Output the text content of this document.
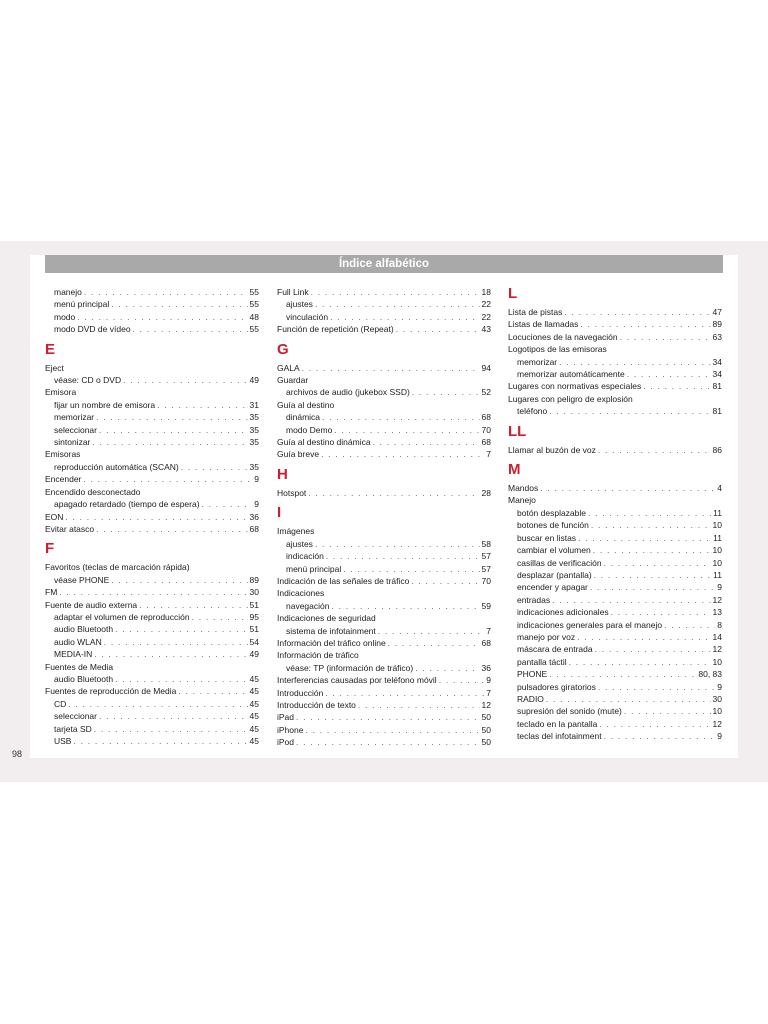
Índice alfabético
manejo . . .	55
menú principal . . .	55
modo . . .	48
modo DVD de vídeo . . .	55
E
Eject
véase: CD o DVD . . .	49
Emisora
fijar un nombre de emisora . . .	31
memorizar . . .	35
seleccionar . . .	35
sintonizar . . .	35
Emisoras
reproducción automática (SCAN) . . .	35
Encender . . .	9
Encendido desconectado
apagado retardado (tiempo de espera) . . .	9
EON . . .	36
Evitar atasco . . .	68
F
Favoritos (teclas de marcación rápida)
véase PHONE . . .	89
FM . . .	30
Fuente de audio externa . . .	51
adaptar el volumen de reproducción . . .	95
audio Bluetooth . . .	51
audio WLAN . . .	54
MEDIA-IN . . .	49
Fuentes de Media
audio Bluetooth . . .	45
Fuentes de reproducción de Media . . .	45
CD . . .	45
seleccionar . . .	45
tarjeta SD . . .	45
USB . . .	45
Full Link . . .	18
ajustes . . .	22
vinculación . . .	22
Función de repetición (Repeat) . . .	43
G
GALA . . .	94
Guardar
archivos de audio (jukebox SSD) . . .	52
Guía al destino
dinámica . . .	68
modo Demo . . .	70
Guía al destino dinámica . . .	68
Guía breve . . .	7
H
Hotspot . . .	28
I
Imágenes
ajustes . . .	58
indicación . . .	57
menú principal . . .	57
Indicación de las señales de tráfico . . .	70
Indicaciones
navegación . . .	59
Indicaciones de seguridad
sistema de infotainment . . .	7
Información del tráfico online . . .	68
Información de tráfico
véase: TP (información de tráfico) . . .	36
Interferencias causadas por teléfono móvil . . .	9
Introducción . . .	7
Introducción de texto . . .	12
iPad . . .	50
iPhone . . .	50
iPod . . .	50
L
Lista de pistas . . .	47
Listas de llamadas . . .	89
Locuciones de la navegación . . .	63
Logotipos de las emisoras
memorizar . . .	34
memorizar automáticamente . . .	34
Lugares con normativas especiales . . .	81
Lugares con peligro de explosión
teléfono . . .	81
LL
Llamar al buzón de voz . . .	86
M
Mandos . . .	4
Manejo
botón desplazable . . .	11
botones de función . . .	10
buscar en listas . . .	11
cambiar el volumen . . .	10
casillas de verificación . . .	10
desplazar (pantalla) . . .	11
encender y apagar . . .	9
entradas . . .	12
indicaciones adicionales . . .	13
indicaciones generales para el manejo . . .	8
manejo por voz . . .	14
máscara de entrada . . .	12
pantalla táctil . . .	10
PHONE . . .	80, 83
pulsadores giratorios . . .	9
RADIO . . .	30
supresión del sonido (mute) . . .	10
teclado en la pantalla . . .	12
teclas del infotainment . . .	9
98
